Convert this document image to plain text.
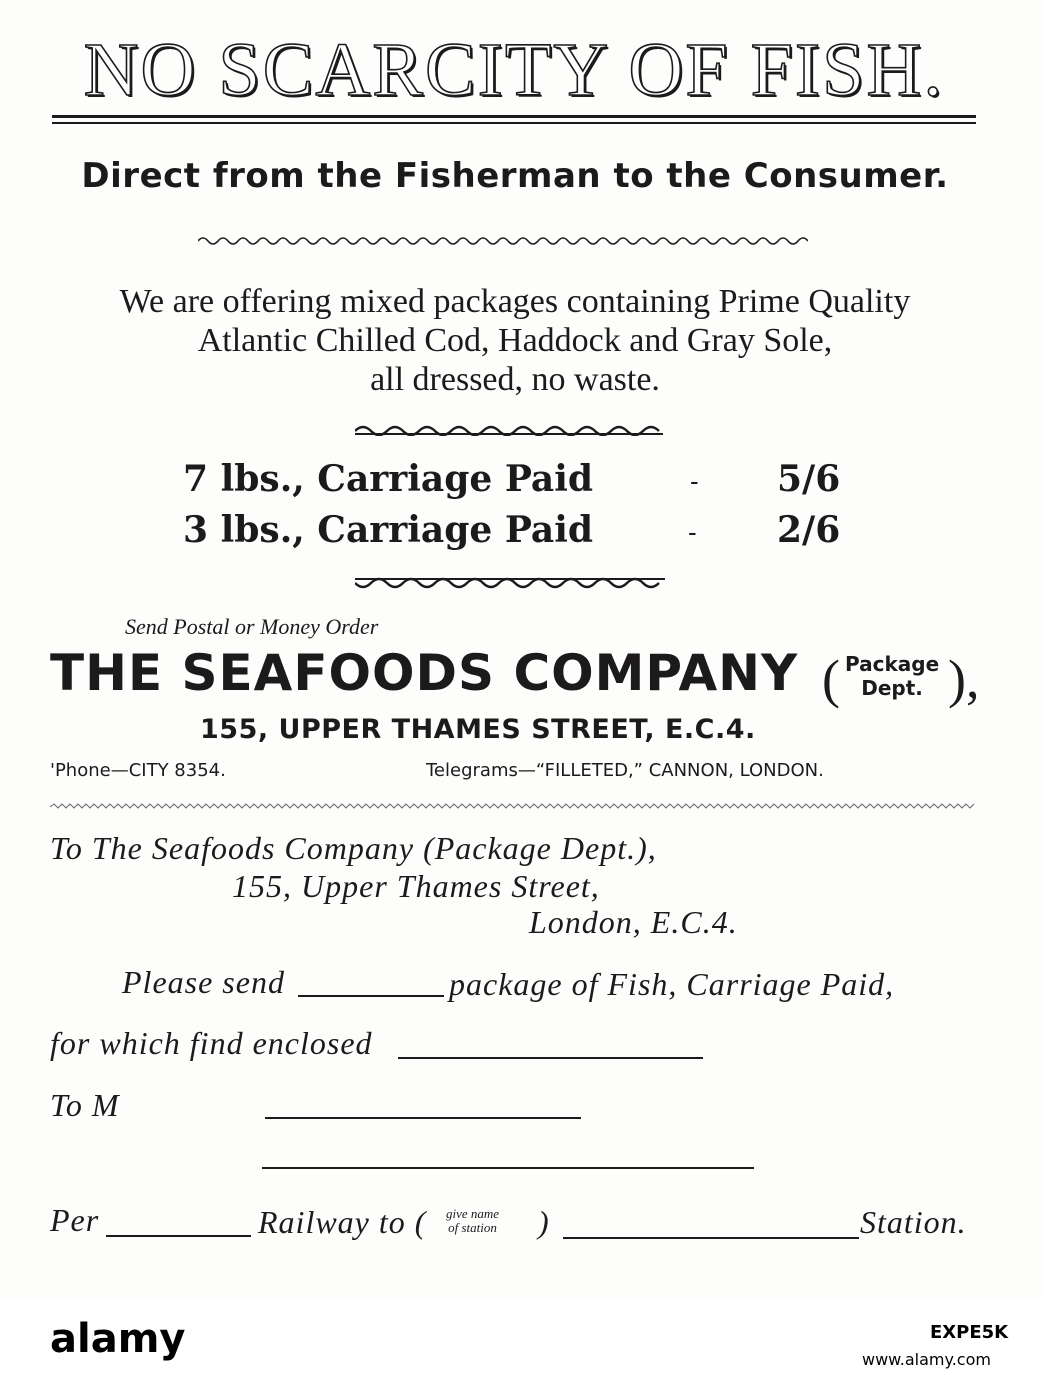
NO SCARCITY OF FISH.
Direct from the Fisherman to the Consumer.
We are offering mixed packages containing Prime Quality
Atlantic Chilled Cod, Haddock and Gray Sole,
all dressed, no waste.
7 lbs., Carriage Paid	- 5/6
3 lbs., Carriage Paid	- 2/6
Send Postal or Money Order
THE SEAFOODS COMPANY ( Package
Dept. ),
155, UPPER THAMES STREET, E.C.4.
'Phone—CITY 8354.	Telegrams—“FILLETED,” CANNON, LONDON.
To The Seafoods Company (Package Dept.),
155, Upper Thames Street,
London, E.C.4.
Please send	package of Fish, Carriage Paid,
for which find enclosed
To M
Per	Railway to ( give name
of station )	Station.
alamy	EXPE5K
www.alamy.com
